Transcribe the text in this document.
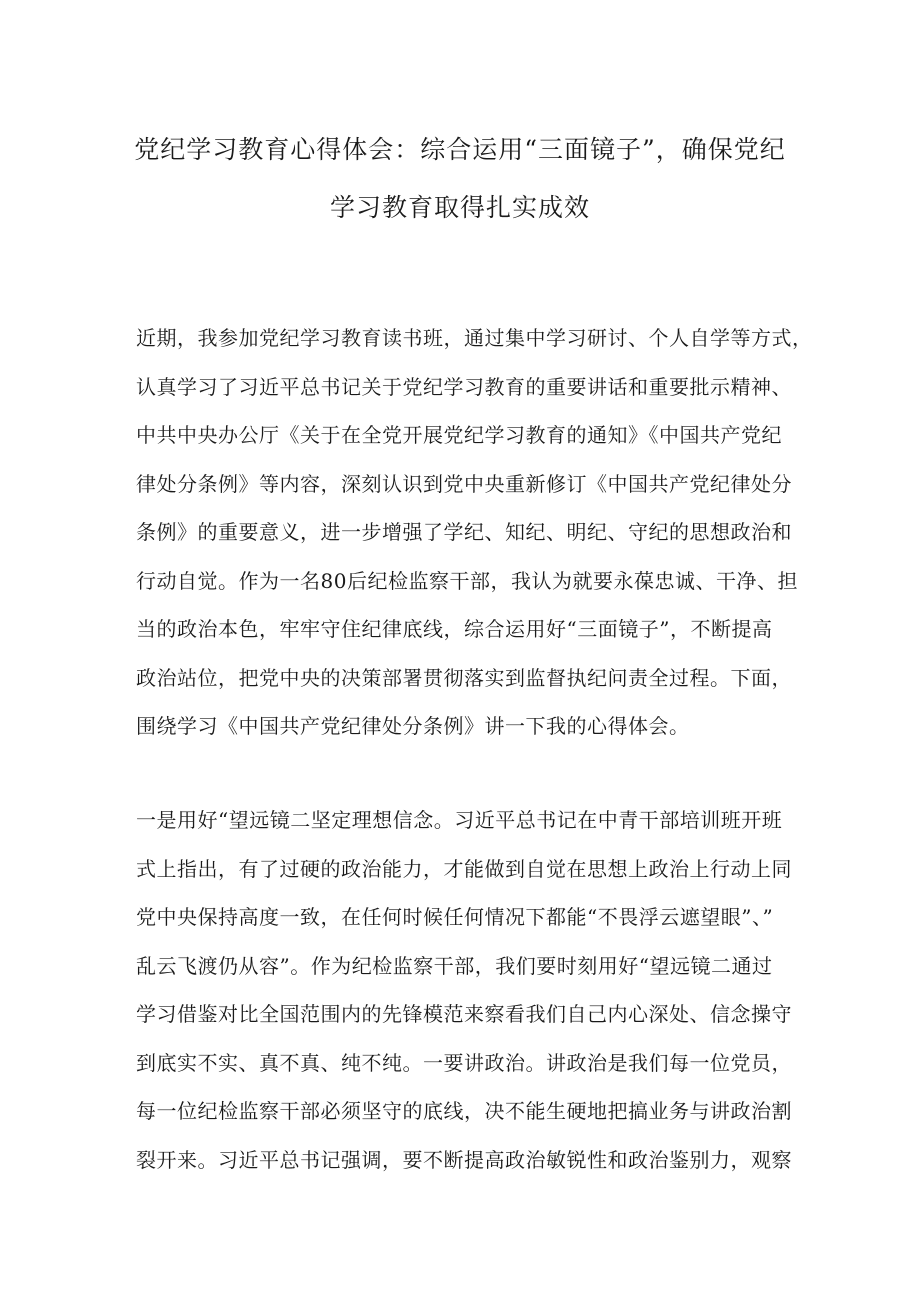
党纪学习教育心得体会：综合运用“三面镜子”，确保党纪
学习教育取得扎实成效
近期，我参加党纪学习教育读书班，通过集中学习研讨、个人自学等方式，
认真学习了习近平总书记关于党纪学习教育的重要讲话和重要批示精神、
中共中央办公厅《关于在全党开展党纪学习教育的通知》《中国共产党纪
律处分条例》等内容，深刻认识到党中央重新修订《中国共产党纪律处分
条例》的重要意义，进一步增强了学纪、知纪、明纪、守纪的思想政治和
行动自觉。作为一名80后纪检监察干部，我认为就要永葆忠诚、干净、担
当的政治本色，牢牢守住纪律底线，综合运用好“三面镜子”，不断提高
政治站位，把党中央的决策部署贯彻落实到监督执纪问责全过程。下面，
围绕学习《中国共产党纪律处分条例》讲一下我的心得体会。
一是用好“望远镜二坚定理想信念。习近平总书记在中青干部培训班开班
式上指出，有了过硬的政治能力，才能做到自觉在思想上政治上行动上同
党中央保持高度一致，在任何时候任何情况下都能“不畏浮云遮望眼”、”
乱云飞渡仍从容”。作为纪检监察干部，我们要时刻用好“望远镜二通过
学习借鉴对比全国范围内的先锋模范来察看我们自己内心深处、信念操守
到底实不实、真不真、纯不纯。一要讲政治。讲政治是我们每一位党员，
每一位纪检监察干部必须坚守的底线，决不能生硬地把搞业务与讲政治割
裂开来。习近平总书记强调，要不断提高政治敏锐性和政治鉴别力，观察
